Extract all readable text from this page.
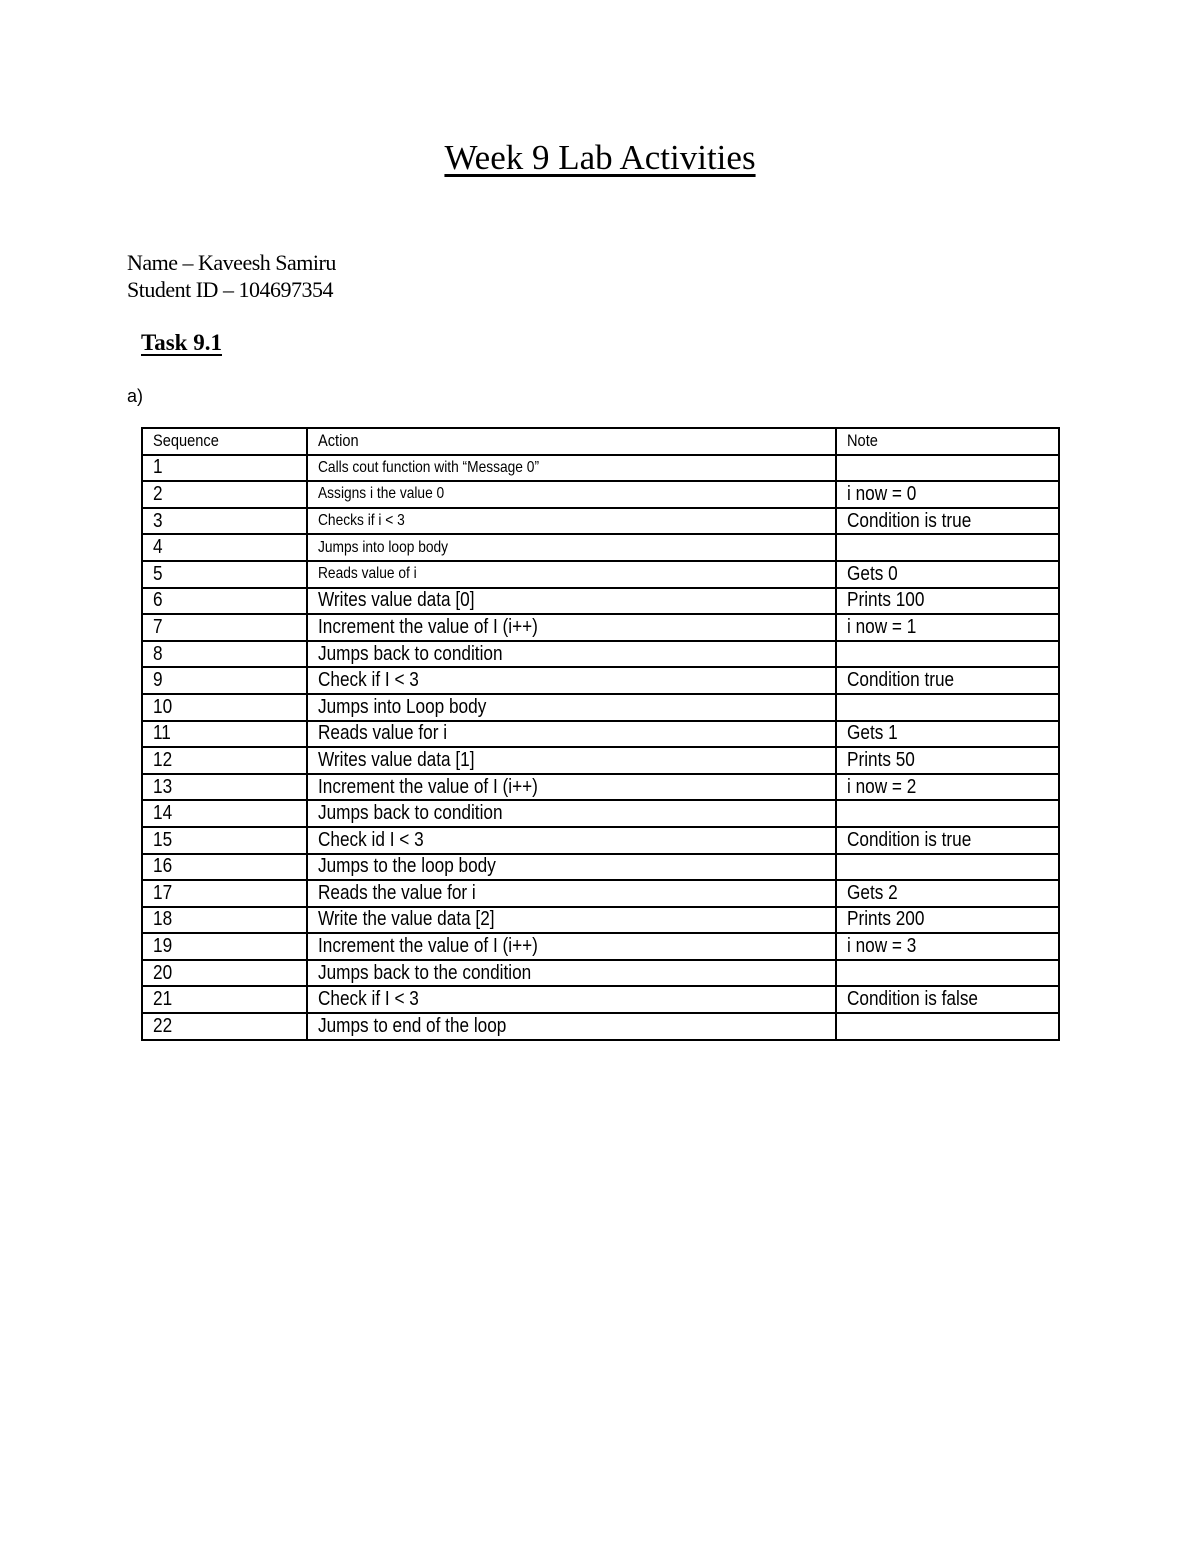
Week 9 Lab Activities
Name – Kaveesh Samiru
Student ID – 104697354
Task 9.1
a)
Sequence	Action	Note
1	Calls cout function with “Message 0”	
2	Assigns i the value 0	i now = 0
3	Checks if i < 3	Condition is true
4	Jumps into loop body	
5	Reads value of i	Gets 0
6	Writes value data [0]	Prints 100
7	Increment the value of I (i++)	i now = 1
8	Jumps back to condition	
9	Check if I < 3	Condition true
10	Jumps into Loop body	
11	Reads value for i	Gets 1
12	Writes value data [1]	Prints 50
13	Increment the value of I (i++)	i now = 2
14	Jumps back to condition	
15	Check id I < 3	Condition is true
16	Jumps to the loop body	
17	Reads the value for i	Gets 2
18	Write the value data [2]	Prints 200
19	Increment the value of I (i++)	i now = 3
20	Jumps back to the condition	
21	Check if I < 3	Condition is false
22	Jumps to end of the loop	
